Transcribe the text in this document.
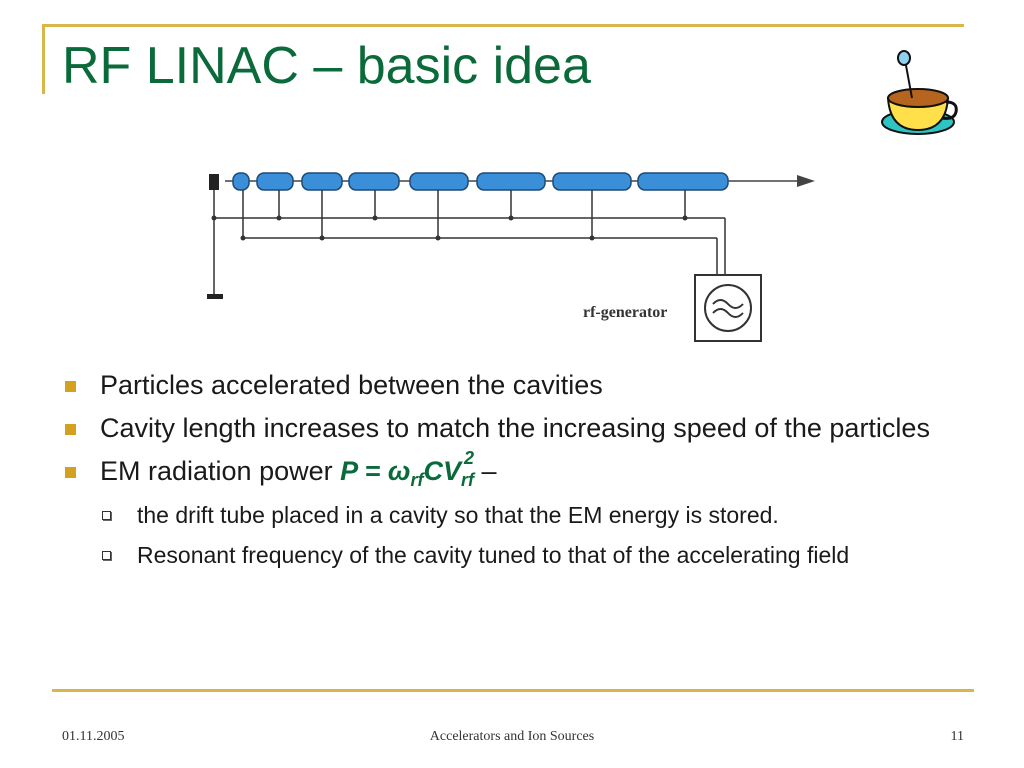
RF LINAC – basic idea
rf-generator
Particles accelerated between the cavities
Cavity length increases to match the increasing speed of the particles
EM radiation power $P = \omega_{rf}CV_{rf}^2$ –
the drift tube placed in a cavity so that the EM energy is stored.
Resonant frequency of the cavity tuned to that of the accelerating field
01.11.2005	Accelerators and Ion Sources	11
